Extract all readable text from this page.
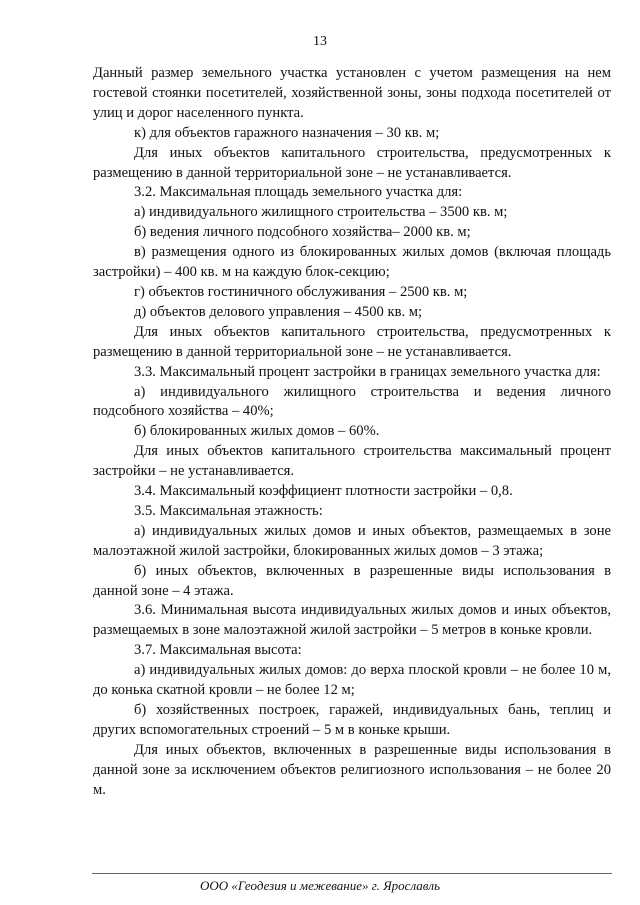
13

Данный размер земельного участка установлен с учетом размещения на нем гостевой стоянки посетителей, хозяйственной зоны, зоны подхода посетителей от улиц и дорог населенного пункта.

к) для объектов гаражного назначения – 30 кв. м;

Для иных объектов капитального строительства, предусмотренных к размещению в данной территориальной зоне – не устанавливается.

3.2. Максимальная площадь земельного участка для:

а) индивидуального жилищного строительства – 3500 кв. м;

б) ведения личного подсобного хозяйства– 2000 кв. м;

в) размещения одного из блокированных жилых домов (включая площадь застройки) – 400 кв. м на каждую блок-секцию;

г) объектов гостиничного обслуживания – 2500 кв. м;

д) объектов делового управления – 4500 кв. м;

Для иных объектов капитального строительства, предусмотренных к размещению в данной территориальной зоне – не устанавливается.

3.3. Максимальный процент застройки в границах земельного участка для:

а) индивидуального жилищного строительства и ведения личного подсобного хозяйства – 40%;

б) блокированных жилых домов – 60%.

Для иных объектов капитального строительства максимальный процент застройки – не устанавливается.

3.4. Максимальный коэффициент плотности застройки – 0,8.

3.5. Максимальная этажность:

а) индивидуальных жилых домов и иных объектов, размещаемых в зоне малоэтажной жилой застройки, блокированных жилых домов – 3 этажа;

б) иных объектов, включенных в разрешенные виды использования в данной зоне – 4 этажа.

3.6. Минимальная высота индивидуальных жилых домов и иных объектов, размещаемых в зоне малоэтажной жилой застройки – 5 метров в коньке кровли.

3.7. Максимальная высота:

а) индивидуальных жилых домов: до верха плоской кровли – не более 10 м, до конька скатной кровли – не более 12 м;

б) хозяйственных построек, гаражей, индивидуальных бань, теплиц и других вспомогательных строений – 5 м в коньке крыши.

Для иных объектов, включенных в разрешенные виды использования в данной зоне за исключением объектов религиозного использования – не более 20 м.

ООО «Геодезия и межевание» г. Ярославль
